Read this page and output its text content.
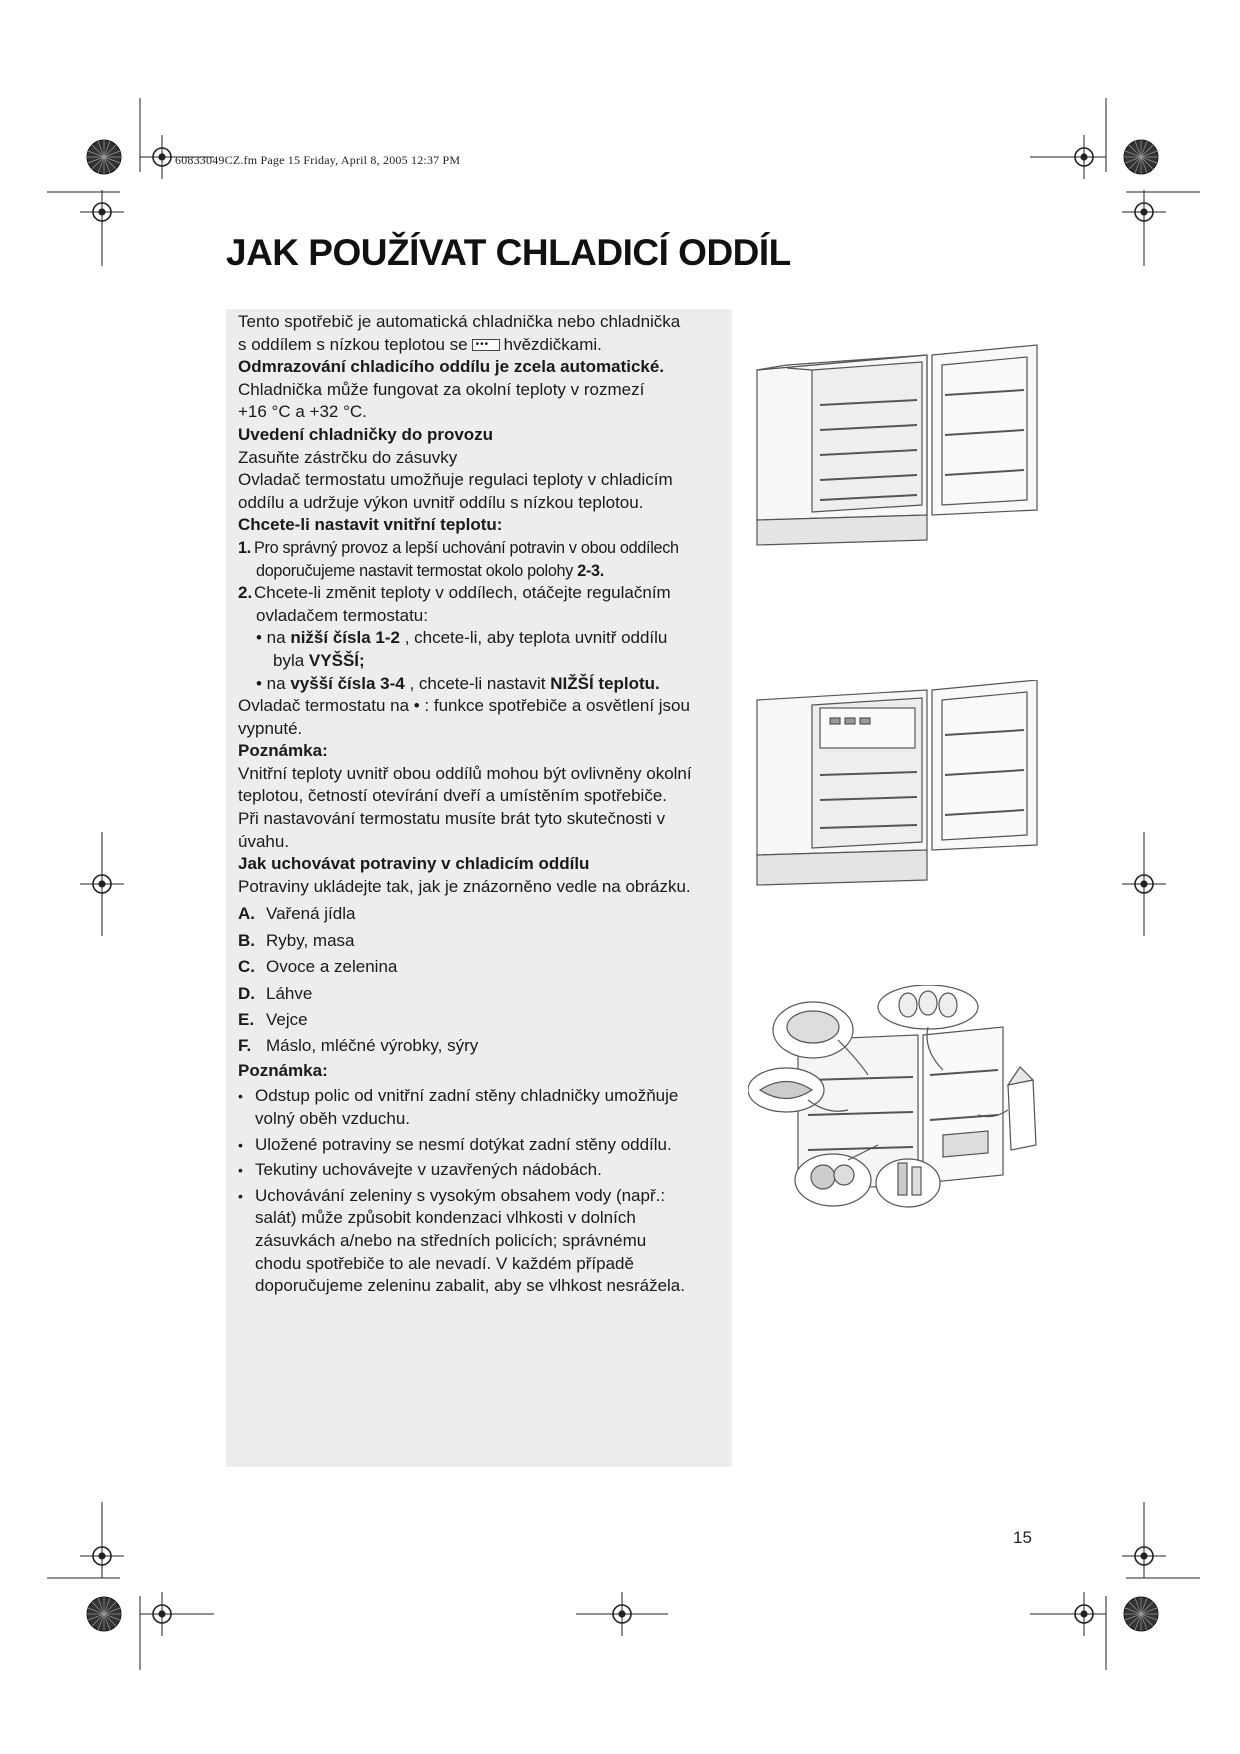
60833049CZ.fm Page 15 Friday, April 8, 2005 12:37 PM
JAK POUŽÍVAT CHLADICÍ ODDÍL

Tento spotřebič je automatická chladnička nebo chladnička

s oddílem s nízkou teplotou se••• hvězdičkami.

Odmrazování chladicího oddílu je zcela automatické.

Chladnička může fungovat za okolní teploty v rozmezí

+16 °C a +32 °C.

Uvedení chladničky do provozu

Zasuňte zástrčku do zásuvky

Ovladač termostatu umožňuje regulaci teploty v chladicím

oddílu a udržuje výkon uvnitř oddílu s nízkou teplotou.

Chcete-li nastavit vnitřní teplotu:

1. Pro správný provoz a lepší uchování potravin v obou oddílech

doporučujeme nastavit termostat okolo polohy 2-3.

2. Chcete-li změnit teploty v oddílech, otáčejte regulačním

ovladačem termostatu:

• na nižší čísla 1-2 , chcete-li, aby teplota uvnitř oddílu

byla VYŠŠÍ;

• na vyšší čísla 3-4 , chcete-li nastavit NIŽŠÍ teplotu.

Ovladač termostatu na • : funkce spotřebiče a osvětlení jsou

vypnuté.

Poznámka:

Vnitřní teploty uvnitř obou oddílů mohou být ovlivněny okolní

teplotou, četností otevírání dveří a umístěním spotřebiče.

Při nastavování termostatu musíte brát tyto skutečnosti v

úvahu.

Jak uchovávat potraviny v chladicím oddílu

Potraviny ukládejte tak, jak je znázorněno vedle na obrázku.

A. Vařená jídla
B. Ryby, masa
C. Ovoce a zelenina
D. Láhve
E. Vejce
F. Máslo, mléčné výrobky, sýry

Poznámka:

• Odstup polic od vnitřní zadní stěny chladničky umožňuje

volný oběh vzduchu.

• Uložené potraviny se nesmí dotýkat zadní stěny oddílu.

• Tekutiny uchovávejte v uzavřených nádobách.

• Uchovávání zeleniny s vysokým obsahem vody (např.:

salát) může způsobit kondenzaci vlhkosti v dolních

zásuvkách a/nebo na středních policích; správnému

chodu spotřebiče to ale nevadí. V každém případě

doporučujeme zeleninu zabalit, aby se vlhkost nesrážela.

15
